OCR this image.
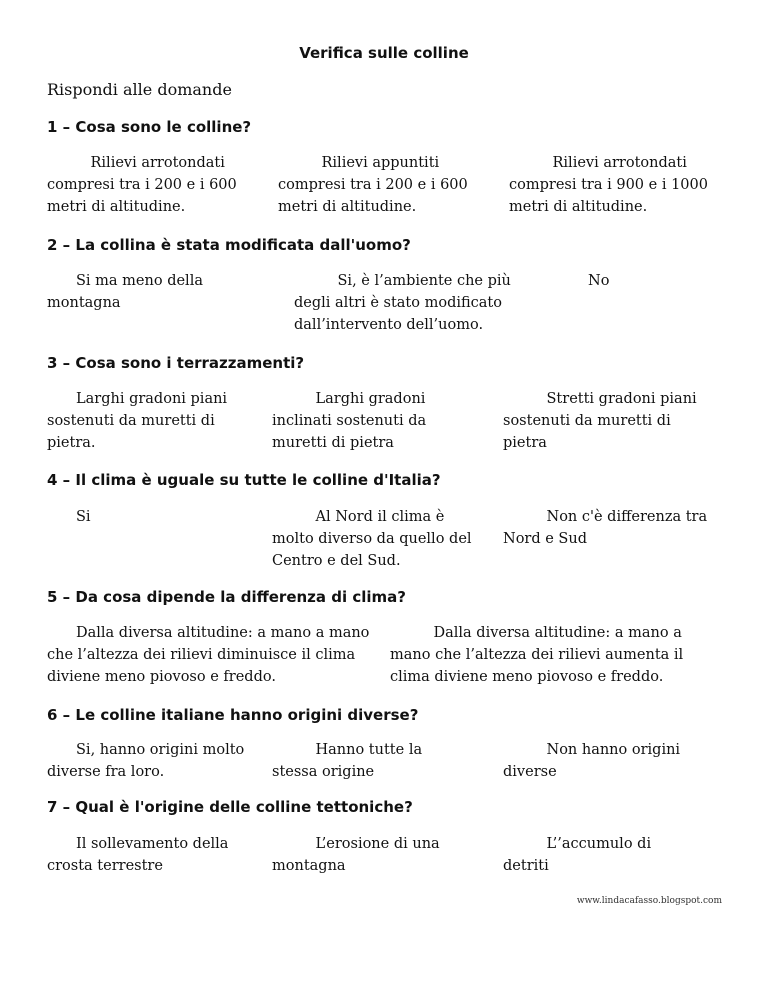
Verifica sulle colline
Rispondi alle domande
1 – Cosa sono le colline?
Rilievi arrotondati compresi tra i 200 e i 600 metri di altitudine.
Rilievi appuntiti compresi tra i 200 e i 600 metri di altitudine.
Rilievi arrotondati compresi tra i 900 e i 1000 metri di altitudine.
2 – La collina è stata modificata dall'uomo?
Si ma meno della montagna
Si, è l’ambiente che più degli altri è stato modificato dall’intervento dell’uomo.
No
3 – Cosa sono i terrazzamenti?
Larghi gradoni piani sostenuti da muretti di pietra.
Larghi gradoni inclinati sostenuti da muretti di pietra
Stretti gradoni piani sostenuti da muretti di pietra
4 – Il clima è uguale su tutte le colline d'Italia?
Si	Al Nord il clima è molto diverso da quello del Centro e del Sud.
Non c'è differenza tra Nord e Sud
5 – Da cosa dipende la differenza di clima?
Dalla diversa altitudine: a mano a mano che l’altezza dei rilievi diminuisce il clima diviene meno piovoso e freddo.
Dalla diversa altitudine: a mano a mano che l’altezza dei rilievi aumenta il clima diviene meno piovoso e freddo.
6 – Le colline italiane hanno origini diverse?
Si, hanno origini molto diverse fra loro.
Hanno tutte la stessa origine
Non hanno origini diverse
7 – Qual è l'origine delle colline tettoniche?
Il sollevamento della crosta terrestre
L’erosione di una montagna
L’’accumulo di detriti
www.lindacafasso.blogspot.com
